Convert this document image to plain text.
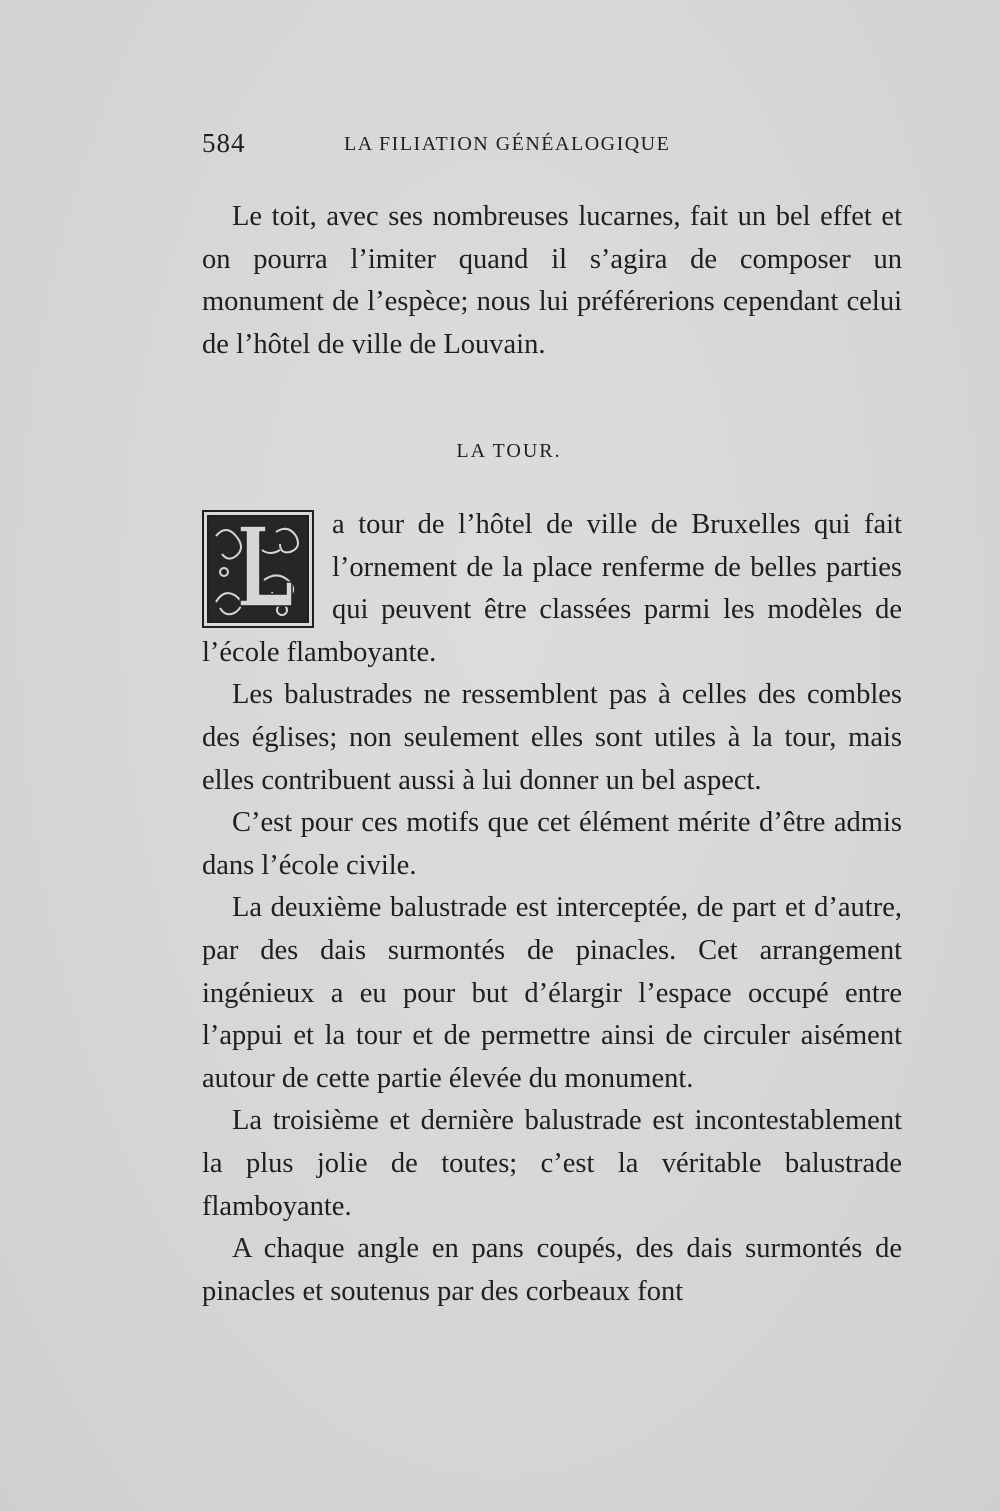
584	LA FILIATION GÉNÉALOGIQUE

Le toit, avec ses nombreuses lucarnes, fait un bel effet et on pourra l’imiter quand il s’agira de composer un monument de l’espèce; nous lui préférerions cependant celui de l’hôtel de ville de Louvain.

LA TOUR.

a tour de l’hôtel de ville de Bruxelles qui fait l’ornement de la place renferme de belles parties qui peuvent être classées parmi les modèles de l’école flamboyante.

Les balustrades ne ressemblent pas à celles des combles des églises; non seulement elles sont utiles à la tour, mais elles contribuent aussi à lui donner un bel aspect.

C’est pour ces motifs que cet élément mérite d’être admis dans l’école civile.

La deuxième balustrade est interceptée, de part et d’autre, par des dais surmontés de pinacles. Cet arrangement ingénieux a eu pour but d’élargir l’espace occupé entre l’appui et la tour et de permettre ainsi de circuler aisément autour de cette partie élevée du monument.

La troisième et dernière balustrade est incontestablement la plus jolie de toutes; c’est la véritable balustrade flamboyante.

A chaque angle en pans coupés, des dais surmontés de pinacles et soutenus par des corbeaux font
